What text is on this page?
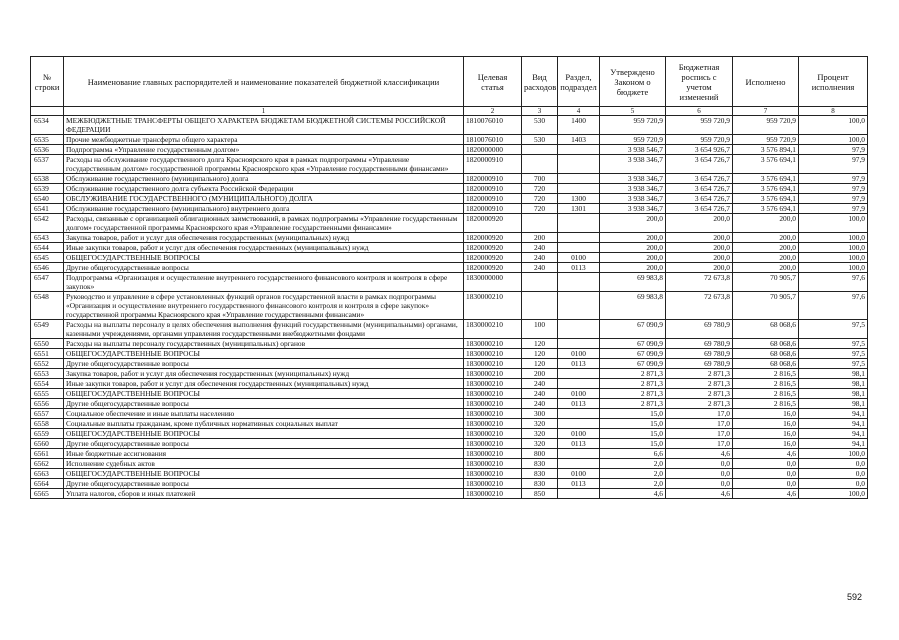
№ строки	Наименование главных распорядителей и наименование показателей бюджетной классификации	Целевая статья	Вид расходов	Раздел, подраздел	Утверждено Законом о бюджете	Бюджетная роспись с учетом изменений	Исполнено	Процент исполнения
	1	2	3	4	5	6	7	8
6534	МЕЖБЮДЖЕТНЫЕ ТРАНСФЕРТЫ ОБЩЕГО ХАРАКТЕРА БЮДЖЕТАМ БЮДЖЕТНОЙ СИСТЕМЫ РОССИЙСКОЙ ФЕДЕРАЦИИ	1810076010	530	1400	959 720,9	959 720,9	959 720,9	100,0
6535	Прочие межбюджетные трансферты общего характера	1810076010	530	1403	959 720,9	959 720,9	959 720,9	100,0
6536	Подпрограмма «Управление государственным долгом»	1820000000			3 938 546,7	3 654 926,7	3 576 894,1	97,9
6537	Расходы на обслуживание государственного долга Красноярского края в рамках подпрограммы «Управление государственным долгом» государственной программы Красноярского края «Управление государственными финансами»	1820000910			3 938 346,7	3 654 726,7	3 576 694,1	97,9
6538	Обслуживание государственного (муниципального) долга	1820000910	700		3 938 346,7	3 654 726,7	3 576 694,1	97,9
6539	Обслуживание государственного долга субъекта Российской Федерации	1820000910	720		3 938 346,7	3 654 726,7	3 576 694,1	97,9
6540	ОБСЛУЖИВАНИЕ ГОСУДАРСТВЕННОГО (МУНИЦИПАЛЬНОГО) ДОЛГА	1820000910	720	1300	3 938 346,7	3 654 726,7	3 576 694,1	97,9
6541	Обслуживание государственного (муниципального) внутреннего долга	1820000910	720	1301	3 938 346,7	3 654 726,7	3 576 694,1	97,9
6542	Расходы, связанные с организацией облигационных заимствований, в рамках подпрограммы «Управление государственным долгом» государственной программы Красноярского края «Управление государственными финансами»	1820000920			200,0	200,0	200,0	100,0
6543	Закупка товаров, работ и услуг для обеспечения государственных (муниципальных) нужд	1820000920	200		200,0	200,0	200,0	100,0
6544	Иные закупки товаров, работ и услуг для обеспечения государственных (муниципальных) нужд	1820000920	240		200,0	200,0	200,0	100,0
6545	ОБЩЕГОСУДАРСТВЕННЫЕ ВОПРОСЫ	1820000920	240	0100	200,0	200,0	200,0	100,0
6546	Другие общегосударственные вопросы	1820000920	240	0113	200,0	200,0	200,0	100,0
6547	Подпрограмма «Организация и осуществление внутреннего государственного финансового контроля и контроля в сфере закупок»	1830000000			69 983,8	72 673,8	70 905,7	97,6
6548	Руководство и управление в сфере установленных функций органов государственной власти в рамках подпрограммы «Организация и осуществление внутреннего государственного финансового контроля и контроля в сфере закупок» государственной программы Красноярского края «Управление государственными финансами»	1830000210			69 983,8	72 673,8	70 905,7	97,6
6549	Расходы на выплаты персоналу в целях обеспечения выполнения функций государственными (муниципальными) органами, казенными учреждениями, органами управления государственными внебюджетными фондами	1830000210	100		67 090,9	69 780,9	68 068,6	97,5
6550	Расходы на выплаты персоналу государственных (муниципальных) органов	1830000210	120		67 090,9	69 780,9	68 068,6	97,5
6551	ОБЩЕГОСУДАРСТВЕННЫЕ ВОПРОСЫ	1830000210	120	0100	67 090,9	69 780,9	68 068,6	97,5
6552	Другие общегосударственные вопросы	1830000210	120	0113	67 090,9	69 780,9	68 068,6	97,5
6553	Закупка товаров, работ и услуг для обеспечения государственных (муниципальных) нужд	1830000210	200		2 871,3	2 871,3	2 816,5	98,1
6554	Иные закупки товаров, работ и услуг для обеспечения государственных (муниципальных) нужд	1830000210	240		2 871,3	2 871,3	2 816,5	98,1
6555	ОБЩЕГОСУДАРСТВЕННЫЕ ВОПРОСЫ	1830000210	240	0100	2 871,3	2 871,3	2 816,5	98,1
6556	Другие общегосударственные вопросы	1830000210	240	0113	2 871,3	2 871,3	2 816,5	98,1
6557	Социальное обеспечение и иные выплаты населению	1830000210	300		15,0	17,0	16,0	94,1
6558	Социальные выплаты гражданам, кроме публичных нормативных социальных выплат	1830000210	320		15,0	17,0	16,0	94,1
6559	ОБЩЕГОСУДАРСТВЕННЫЕ ВОПРОСЫ	1830000210	320	0100	15,0	17,0	16,0	94,1
6560	Другие общегосударственные вопросы	1830000210	320	0113	15,0	17,0	16,0	94,1
6561	Иные бюджетные ассигнования	1830000210	800		6,6	4,6	4,6	100,0
6562	Исполнение судебных актов	1830000210	830		2,0	0,0	0,0	0,0
6563	ОБЩЕГОСУДАРСТВЕННЫЕ ВОПРОСЫ	1830000210	830	0100	2,0	0,0	0,0	0,0
6564	Другие общегосударственные вопросы	1830000210	830	0113	2,0	0,0	0,0	0,0
6565	Уплата налогов, сборов и иных платежей	1830000210	850		4,6	4,6	4,6	100,0
592
